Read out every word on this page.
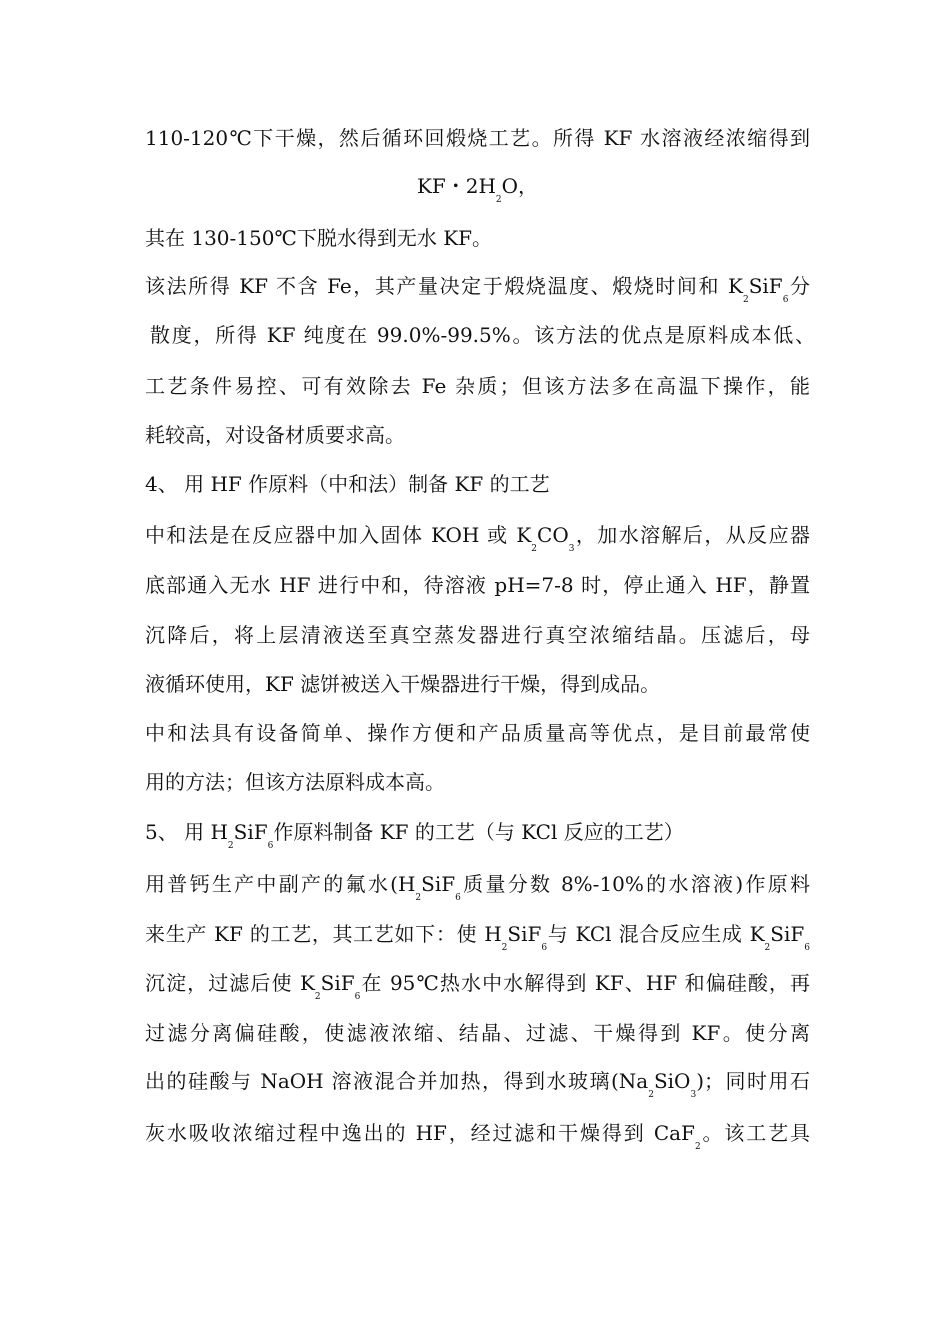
110-120℃下干燥，然后循环回煅烧工艺。所得 KF 水溶液经浓缩得到
KF・$2H_2O$，
其在 130-150℃下脱水得到无水 KF。
该法所得 KF 不含 Fe，其产量决定于煅烧温度、煅烧时间和 $K_2SiF_6$分
散度，所得 KF 纯度在 99.0%-99.5%。该方法的优点是原料成本低、
工艺条件易控、可有效除去 Fe 杂质；但该方法多在高温下操作，能
耗较高，对设备材质要求高。
4、 用 HF 作原料（中和法）制备 KF 的工艺
中和法是在反应器中加入固体 KOH 或 $K_2CO_3$，加水溶解后，从反应器
底部通入无水 HF 进行中和，待溶液 pH=7-8 时，停止通入 HF，静置
沉降后，将上层清液送至真空蒸发器进行真空浓缩结晶。压滤后，母
液循环使用，KF 滤饼被送入干燥器进行干燥，得到成品。
中和法具有设备简单、操作方便和产品质量高等优点，是目前最常使
用的方法；但该方法原料成本高。
5、 用 $H_2SiF_6$作原料制备 KF 的工艺（与 KCl 反应的工艺）
用普钙生产中副产的氟水($H_2SiF_6$质量分数 8%-10%的水溶液)作原料
来生产 KF 的工艺，其工艺如下：使 $H_2SiF_6$与 KCl 混合反应生成 $K_2SiF_6$
沉淀，过滤后使 $K_2SiF_6$在 95℃热水中水解得到 KF、HF 和偏硅酸，再
过滤分离偏硅酸，使滤液浓缩、结晶、过滤、干燥得到 KF。使分离
出的硅酸与 NaOH 溶液混合并加热，得到水玻璃$(Na_2SiO_3)$；同时用石
灰水吸收浓缩过程中逸出的 HF，经过滤和干燥得到 CaF$_2$。该工艺具
